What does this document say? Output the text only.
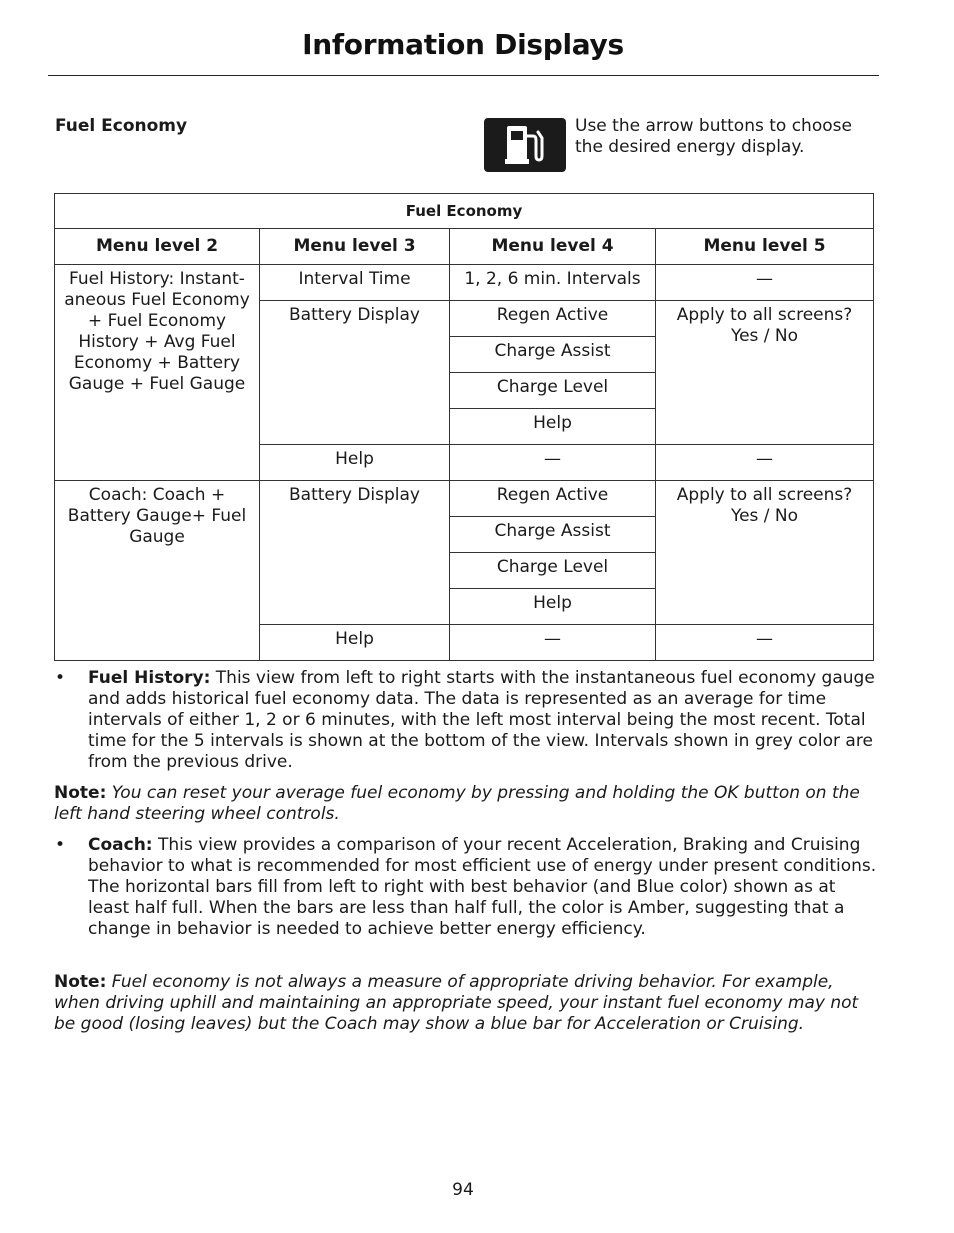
Information Displays
Fuel Economy	Use the arrow buttons to choose the desired energy display.
Fuel Economy			
Menu level 2	Menu level 3	Menu level 4	Menu level 5
Fuel History: Instant-aneous Fuel Economy + Fuel Economy History + Avg Fuel Economy + Battery Gauge + Fuel Gauge	Interval Time	1, 2, 6 min. Intervals	—
	Battery Display	Regen Active	Apply to all screens? Yes / No
		Charge Assist	
		Charge Level	
		Help	
	Help	—	—
Coach: Coach + Battery Gauge+ Fuel Gauge	Battery Display	Regen Active	Apply to all screens? Yes / No
		Charge Assist	
		Charge Level	
		Help	
	Help	—	—
• Fuel History: This view from left to right starts with the instantaneous fuel economy gauge and adds historical fuel economy data. The data is represented as an average for time intervals of either 1, 2 or 6 minutes, with the left most interval being the most recent. Total time for the 5 intervals is shown at the bottom of the view. Intervals shown in grey color are from the previous drive.
Note: You can reset your average fuel economy by pressing and holding the OK button on the left hand steering wheel controls.
• Coach: This view provides a comparison of your recent Acceleration, Braking and Cruising behavior to what is recommended for most efficient use of energy under present conditions. The horizontal bars fill from left to right with best behavior (and Blue color) shown as at least half full. When the bars are less than half full, the color is Amber, suggesting that a change in behavior is needed to achieve better energy efficiency.
Note: Fuel economy is not always a measure of appropriate driving behavior. For example, when driving uphill and maintaining an appropriate speed, your instant fuel economy may not be good (losing leaves) but the Coach may show a blue bar for Acceleration or Cruising.
94
